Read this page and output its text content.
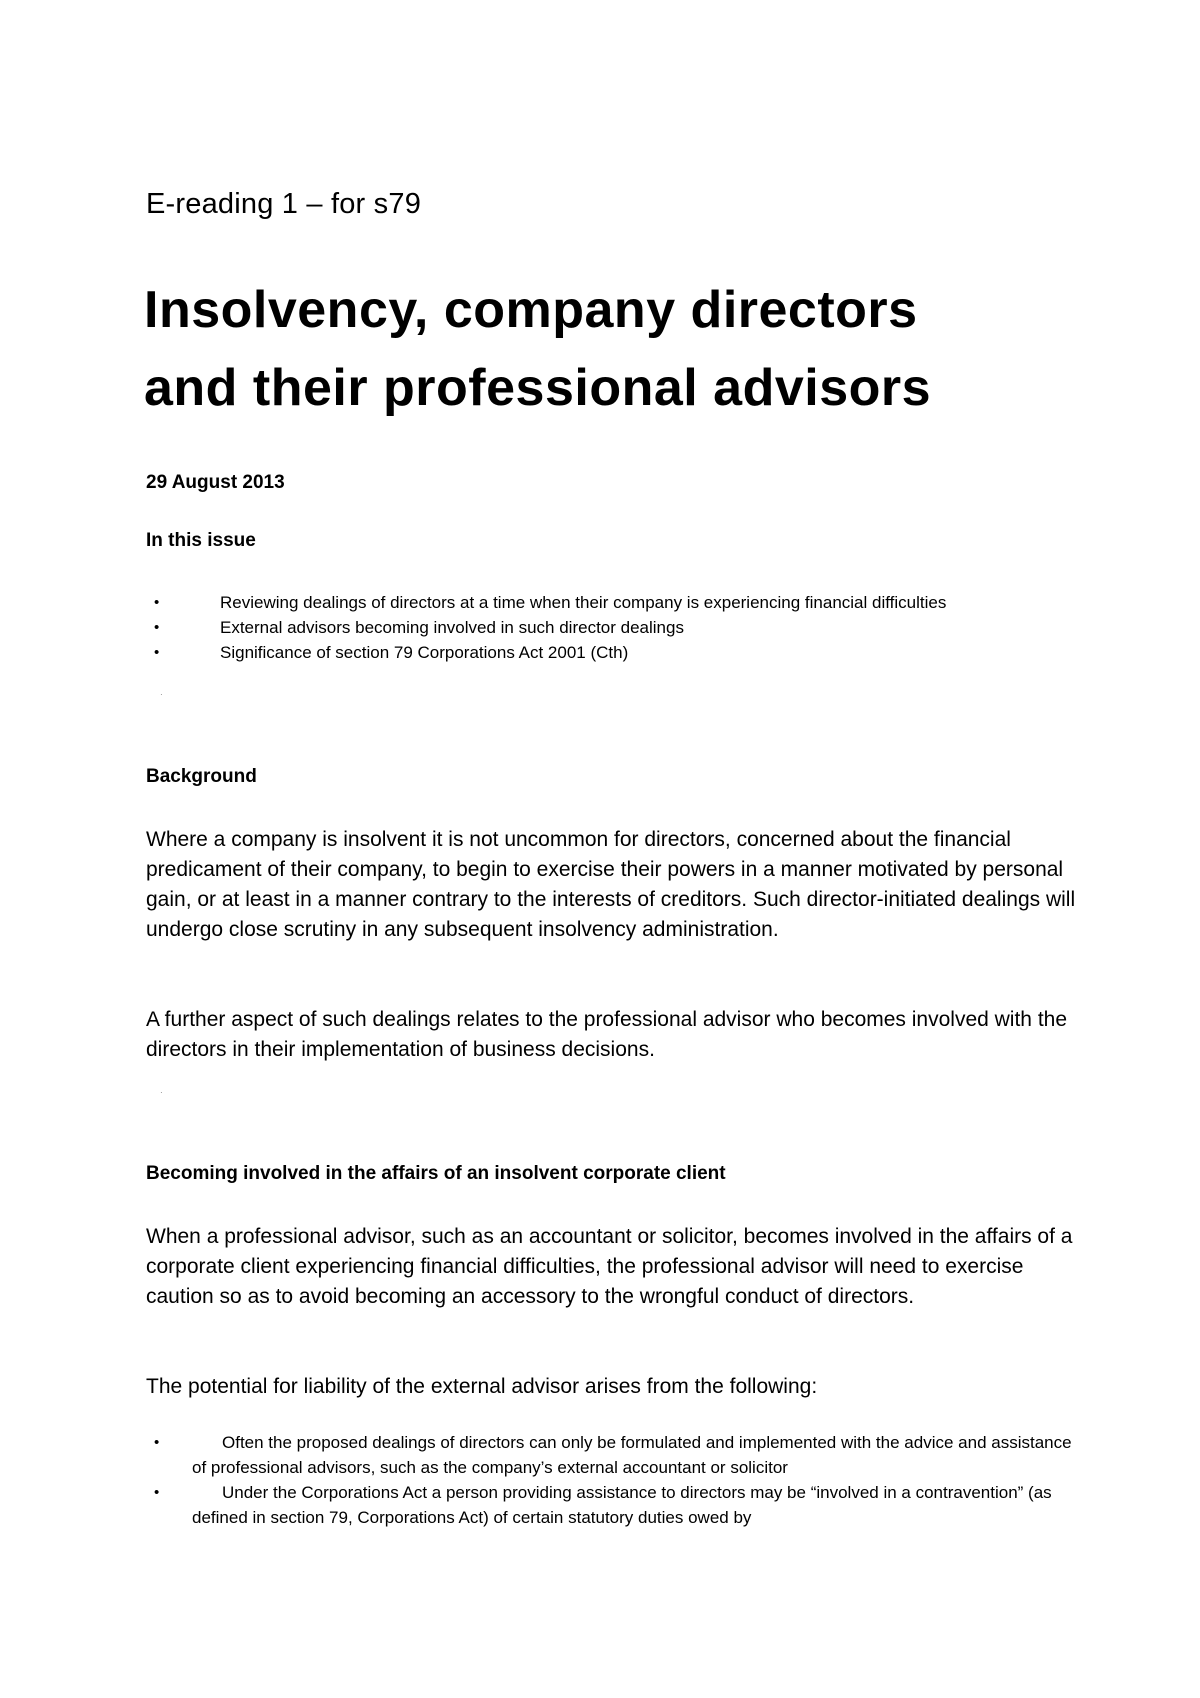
E-reading 1 – for s79

Insolvency, company directors
and their professional advisors

29 August 2013

In this issue

•	Reviewing dealings of directors at a time when their company is experiencing financial difficulties
•	External advisors becoming involved in such director dealings
•	Significance of section 79 Corporations Act 2001 (Cth)
·
Background

Where a company is insolvent it is not uncommon for directors, concerned about the financial predicament of their company, to begin to exercise their powers in a manner motivated by personal gain, or at least in a manner contrary to the interests of creditors. Such director-initiated dealings will undergo close scrutiny in any subsequent insolvency administration.

A further aspect of such dealings relates to the professional advisor who becomes involved with the directors in their implementation of business decisions.

·
Becoming involved in the affairs of an insolvent corporate client

When a professional advisor, such as an accountant or solicitor, becomes involved in the affairs of a corporate client experiencing financial difficulties, the professional advisor will need to exercise caution so as to avoid becoming an accessory to the wrongful conduct of directors.

The potential for liability of the external advisor arises from the following:

•	Often the proposed dealings of directors can only be formulated and implemented with the advice and assistance of professional advisors, such as the company’s external accountant or solicitor
•	Under the Corporations Act a person providing assistance to directors may be “involved in a contravention” (as defined in section 79, Corporations Act) of certain statutory duties owed by
